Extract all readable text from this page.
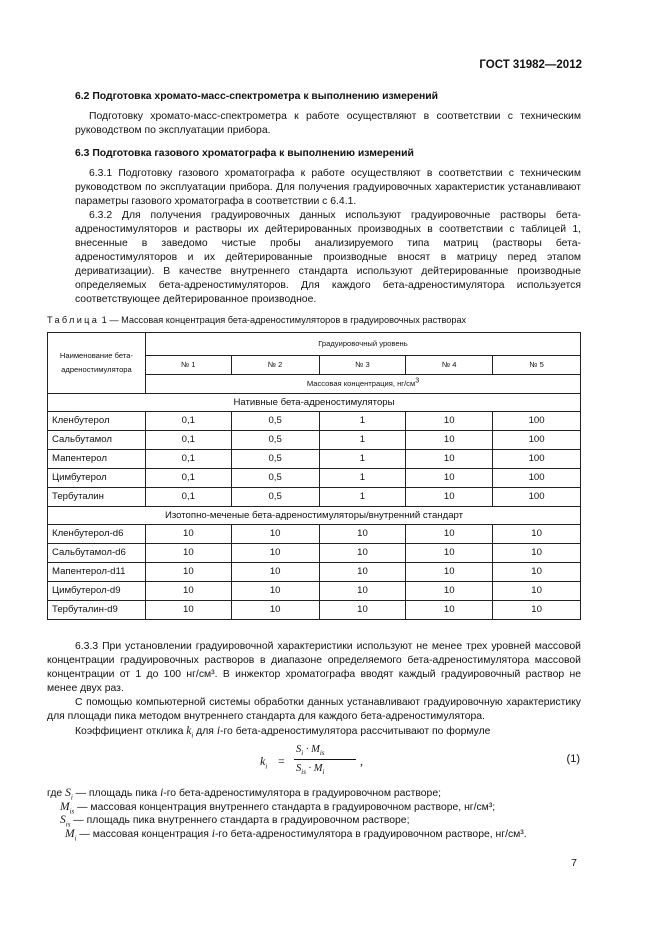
ГОСТ 31982—2012
6.2 Подготовка хромато-масс-спектрометра к выполнению измерений

Подготовку хромато-масс-спектрометра к работе осуществляют в соответствии с техническим руководством по эксплуатации прибора.

6.3 Подготовка газового хроматографа к выполнению измерений

6.3.1 Подготовку газового хроматографа к работе осуществляют в соответствии с техническим руководством по эксплуатации прибора. Для получения градуировочных характеристик устанавливают параметры газового хроматографа в соответствии с 6.4.1.

6.3.2 Для получения градуировочных данных используют градуировочные растворы бета-адреностимуляторов и растворы их дейтерированных производных в соответствии с таблицей 1, внесенные в заведомо чистые пробы анализируемого типа матриц (растворы бета-адреностимуляторов и их дейтерированные производные вносят в матрицу перед этапом дериватизации). В качестве внутреннего стандарта используют дейтерированные производные определяемых бета-адреностимуляторов. Для каждого бета-адреностимулятора используется соответствующее дейтерированное производное.

Таблица 1 — Массовая концентрация бета-адреностимуляторов в градуировочных растворах
Наименование бета-адреностимулятора	Градуировочный уровень				
	№ 1	№ 2	№ 3	№ 4	№ 5
	Массовая концентрация, $нг/см^3$
Нативные бета-адреностимуляторы					
Кленбутерол	0,1	0,5	1	10	100
Сальбутамол	0,1	0,5	1	10	100
Мапентерол	0,1	0,5	1	10	100
Цимбутерол	0,1	0,5	1	10	100
Тербуталин	0,1	0,5	1	10	100
Изотопно-меченые бета-адреностимуляторы/внутренний стандарт					
Кленбутерол-d6	10	10	10	10	10
Сальбутамол-d6	10	10	10	10	10
Мапентерол-d11	10	10	10	10	10
Цимбутерол-d9	10	10	10	10	10
Тербуталин-d9	10	10	10	10	10

6.3.3 При установлении градуировочной характеристики используют не менее трех уровней массовой концентрации градуировочных растворов в диапазоне определяемого бета-адреностимулятора массовой концентрации от 1 до 100 нг/см³. В инжектор хроматографа вводят каждый градуировочный раствор не менее двух раз.

С помощью компьютерной системы обработки данных устанавливают градуировочную характеристику для площади пика методом внутреннего стандарта для каждого бета-адреностимулятора.

Коэффициент отклика $k_i$ для i-го бета-адреностимулятора рассчитывают по формуле

$k_i$ =
$S_i \cdot M_{is}$
$S_{is} \cdot M_i$
,	(1)
где $S_i$ — площадь пика i-го бета-адреностимулятора в градуировочном растворе;
$M_{is}$ — массовая концентрация внутреннего стандарта в градуировочном растворе, нг/см³;
$S_{is}$ — площадь пика внутреннего стандарта в градуировочном растворе;
$M_i$ — массовая концентрация i-го бета-адреностимулятора в градуировочном растворе, нг/см³.
7
